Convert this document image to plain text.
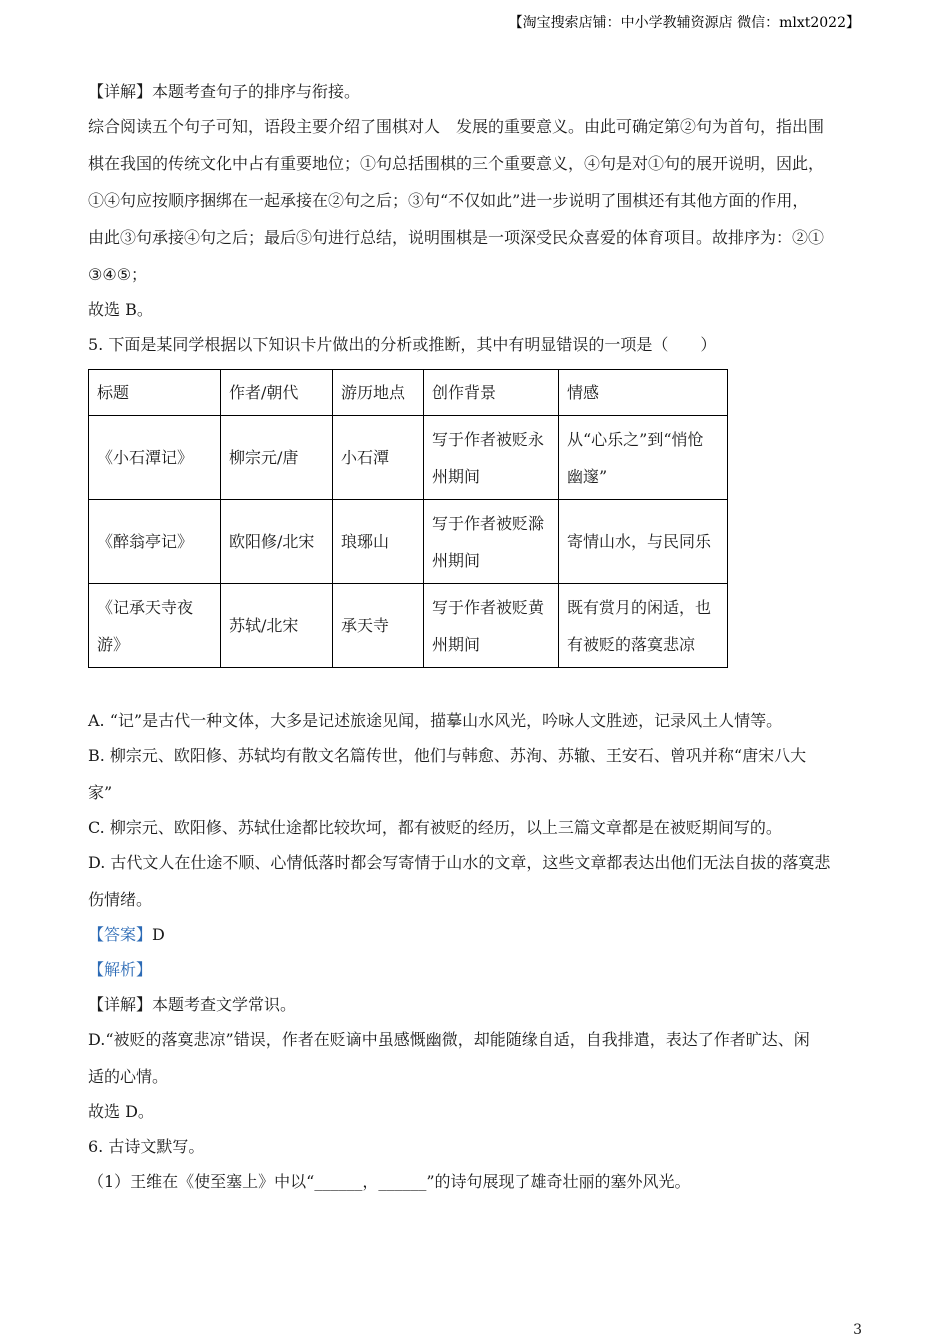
【淘宝搜索店铺：中小学教辅资源店 微信：mlxt2022】
【详解】本题考查句子的排序与衔接。
综合阅读五个句子可知，语段主要介绍了围棋对人　发展的重要意义。由此可确定第②句为首句，指出围
棋在我国的传统文化中占有重要地位；①句总括围棋的三个重要意义，④句是对①句的展开说明，因此，
①④句应按顺序捆绑在一起承接在②句之后；③句“不仅如此”进一步说明了围棋还有其他方面的作用，
由此③句承接④句之后；最后⑤句进行总结，说明围棋是一项深受民众喜爱的体育项目。故排序为：②①
③④⑤；
故选 B。
5. 下面是某同学根据以下知识卡片做出的分析或推断，其中有明显错误的一项是（　　）
标题	作者/朝代	游历地点	创作背景	情感
《小石潭记》	柳宗元/唐	小石潭	写于作者被贬永州期间	从“心乐之”到“悄怆幽邃”
《醉翁亭记》	欧阳修/北宋	琅琊山	写于作者被贬滁州期间	寄情山水，与民同乐
《记承天寺夜游》	苏轼/北宋	承天寺	写于作者被贬黄州期间	既有赏月的闲适，也有被贬的落寞悲凉
A. “记”是古代一种文体，大多是记述旅途见闻，描摹山水风光，吟咏人文胜迹，记录风土人情等。
B. 柳宗元、欧阳修、苏轼均有散文名篇传世，他们与韩愈、苏洵、苏辙、王安石、曾巩并称“唐宋八大
家”
C. 柳宗元、欧阳修、苏轼仕途都比较坎坷，都有被贬的经历，以上三篇文章都是在被贬期间写的。
D. 古代文人在仕途不顺、心情低落时都会写寄情于山水的文章，这些文章都表达出他们无法自拔的落寞悲
伤情绪。
【答案】D
【解析】
【详解】本题考查文学常识。
D.“被贬的落寞悲凉”错误，作者在贬谪中虽感慨幽微，却能随缘自适，自我排遣，表达了作者旷达、闲
适的心情。
故选 D。
6. 古诗文默写。
（1）王维在《使至塞上》中以“______，______”的诗句展现了雄奇壮丽的塞外风光。
3
